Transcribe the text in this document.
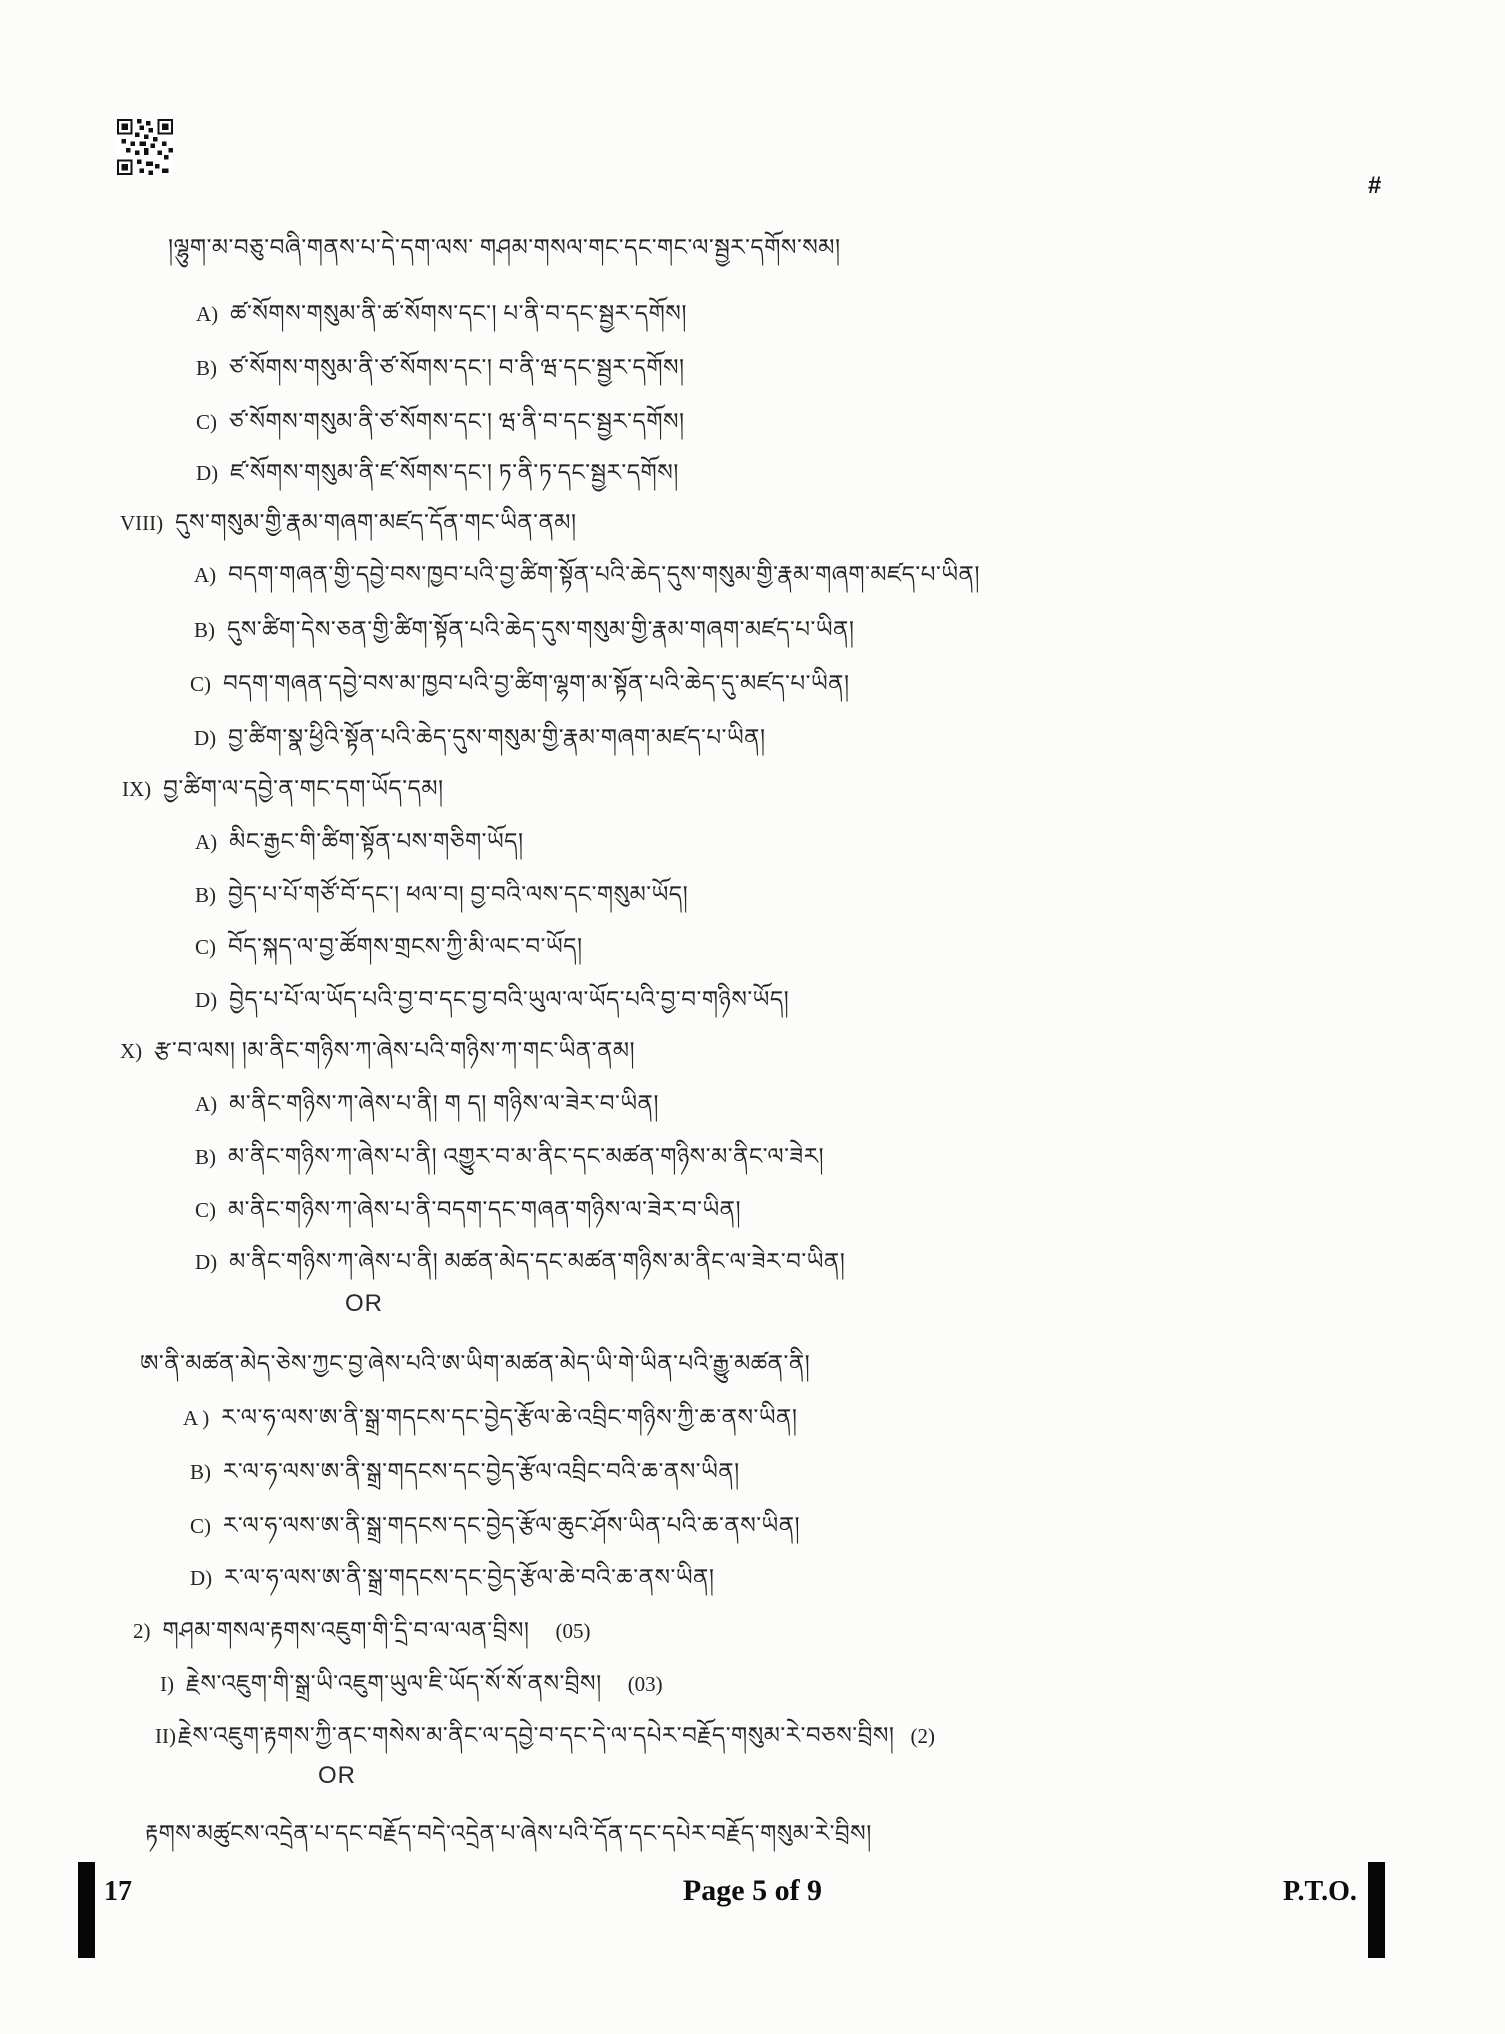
#
།ལྷུག་མ་བཅུ་བཞི་གནས་པ་དེ་དག་ལས་ གཤམ་གསལ་གང་དང་གང་ལ་སྦྱར་དགོས་སམ།
A) ཚ་སོགས་གསུམ་ནི་ཚ་སོགས་དང་། པ་ནི་བ་དང་སྦྱར་དགོས།
B) ཙ་སོགས་གསུམ་ནི་ཙ་སོགས་དང་། བ་ནི་ཝ་དང་སྦྱར་དགོས།
C) ཙ་སོགས་གསུམ་ནི་ཙ་སོགས་དང་། ཝ་ནི་བ་དང་སྦྱར་དགོས།
D) ཛ་སོགས་གསུམ་ནི་ཛ་སོགས་དང་། ཏ་ནི་ཏ་དང་སྦྱར་དགོས།
VIII) དུས་གསུམ་གྱི་རྣམ་གཞག་མཛད་དོན་གང་ཡིན་ནམ།
A) བདག་གཞན་གྱི་དབྱེ་བས་ཁྱབ་པའི་བྱ་ཚིག་སྟོན་པའི་ཆེད་དུས་གསུམ་གྱི་རྣམ་གཞག་མཛད་པ་ཡིན།
B) དུས་ཚིག་དེས་ཅན་གྱི་ཚིག་སྟོན་པའི་ཆེད་དུས་གསུམ་གྱི་རྣམ་གཞག་མཛད་པ་ཡིན།
C) བདག་གཞན་དབྱེ་བས་མ་ཁྱབ་པའི་བྱ་ཚིག་ལྷག་མ་སྟོན་པའི་ཆེད་དུ་མཛད་པ་ཡིན།
D) བྱ་ཚིག་སྣ་ཕྱིའི་སྟོན་པའི་ཆེད་དུས་གསུམ་གྱི་རྣམ་གཞག་མཛད་པ་ཡིན།
IX) བྱ་ཚིག་ལ་དབྱེ་ན་གང་དག་ཡོད་དམ།
A) མིང་རྒྱང་གི་ཚིག་སྟོན་པས་གཅིག་ཡོད།
B) བྱེད་པ་པོ་གཙོ་བོ་དང་། ཕལ་བ། བྱ་བའི་ལས་དང་གསུམ་ཡོད།
C) བོད་སྐད་ལ་བྱ་ཚོགས་གྲངས་ཀྱི་མི་ལང་བ་ཡོད།
D) བྱེད་པ་པོ་ལ་ཡོད་པའི་བྱ་བ་དང་བྱ་བའི་ཡུལ་ལ་ཡོད་པའི་བྱ་བ་གཉིས་ཡོད།
X) རྩ་བ་ལས། །མ་ནིང་གཉིས་ཀ་ཞེས་པའི་གཉིས་ཀ་གང་ཡིན་ནམ།
A) མ་ནིང་གཉིས་ཀ་ཞེས་པ་ནི། ག ད། གཉིས་ལ་ཟེར་བ་ཡིན།
B) མ་ནིང་གཉིས་ཀ་ཞེས་པ་ནི། འགྱུར་བ་མ་ནིང་དང་མཚན་གཉིས་མ་ནིང་ལ་ཟེར།
C) མ་ནིང་གཉིས་ཀ་ཞེས་པ་ནི་བདག་དང་གཞན་གཉིས་ལ་ཟེར་བ་ཡིན།
D) མ་ནིང་གཉིས་ཀ་ཞེས་པ་ནི། མཚན་མེད་དང་མཚན་གཉིས་མ་ནིང་ལ་ཟེར་བ་ཡིན།
OR
ཨ་ནི་མཚན་མེད་ཅེས་ཀྱང་བྱ་ཞེས་པའི་ཨ་ཡིག་མཚན་མེད་ཡི་གེ་ཡིན་པའི་རྒྱུ་མཚན་ནི།
A ) ར་ལ་ཧ་ལས་ཨ་ནི་སྒྲ་གདངས་དང་བྱེད་རྩོལ་ཆེ་འབྲིང་གཉིས་ཀྱི་ཆ་ནས་ཡིན།
B) ར་ལ་ཧ་ལས་ཨ་ནི་སྒྲ་གདངས་དང་བྱེད་རྩོལ་འབྲིང་བའི་ཆ་ནས་ཡིན།
C) ར་ལ་ཧ་ལས་ཨ་ནི་སྒྲ་གདངས་དང་བྱེད་རྩོལ་ཆུང་ཤོས་ཡིན་པའི་ཆ་ནས་ཡིན།
D) ར་ལ་ཧ་ལས་ཨ་ནི་སྒྲ་གདངས་དང་བྱེད་རྩོལ་ཆེ་བའི་ཆ་ནས་ཡིན།
2) གཤམ་གསལ་རྟགས་འཇུག་གི་དྲི་བ་ལ་ལན་བྲིས། (05)
I) རྗེས་འཇུག་གི་སྒྲ་ཡི་འཇུག་ཡུལ་ཇི་ཡོད་སོ་སོ་ནས་བྲིས། (03)
II) རྗེས་འཇུག་རྟགས་ཀྱི་ནང་གསེས་མ་ནིང་ལ་དབྱེ་བ་དང་དེ་ལ་དཔེར་བརྗོད་གསུམ་རེ་བཅས་བྲིས། (2)
OR
རྟགས་མཚུངས་འདྲེན་པ་དང་བརྗོད་བདེ་འདྲེན་པ་ཞེས་པའི་དོན་དང་དཔེར་བརྗོད་གསུམ་རེ་བྲིས།
17	Page 5 of 9	P.T.O.
